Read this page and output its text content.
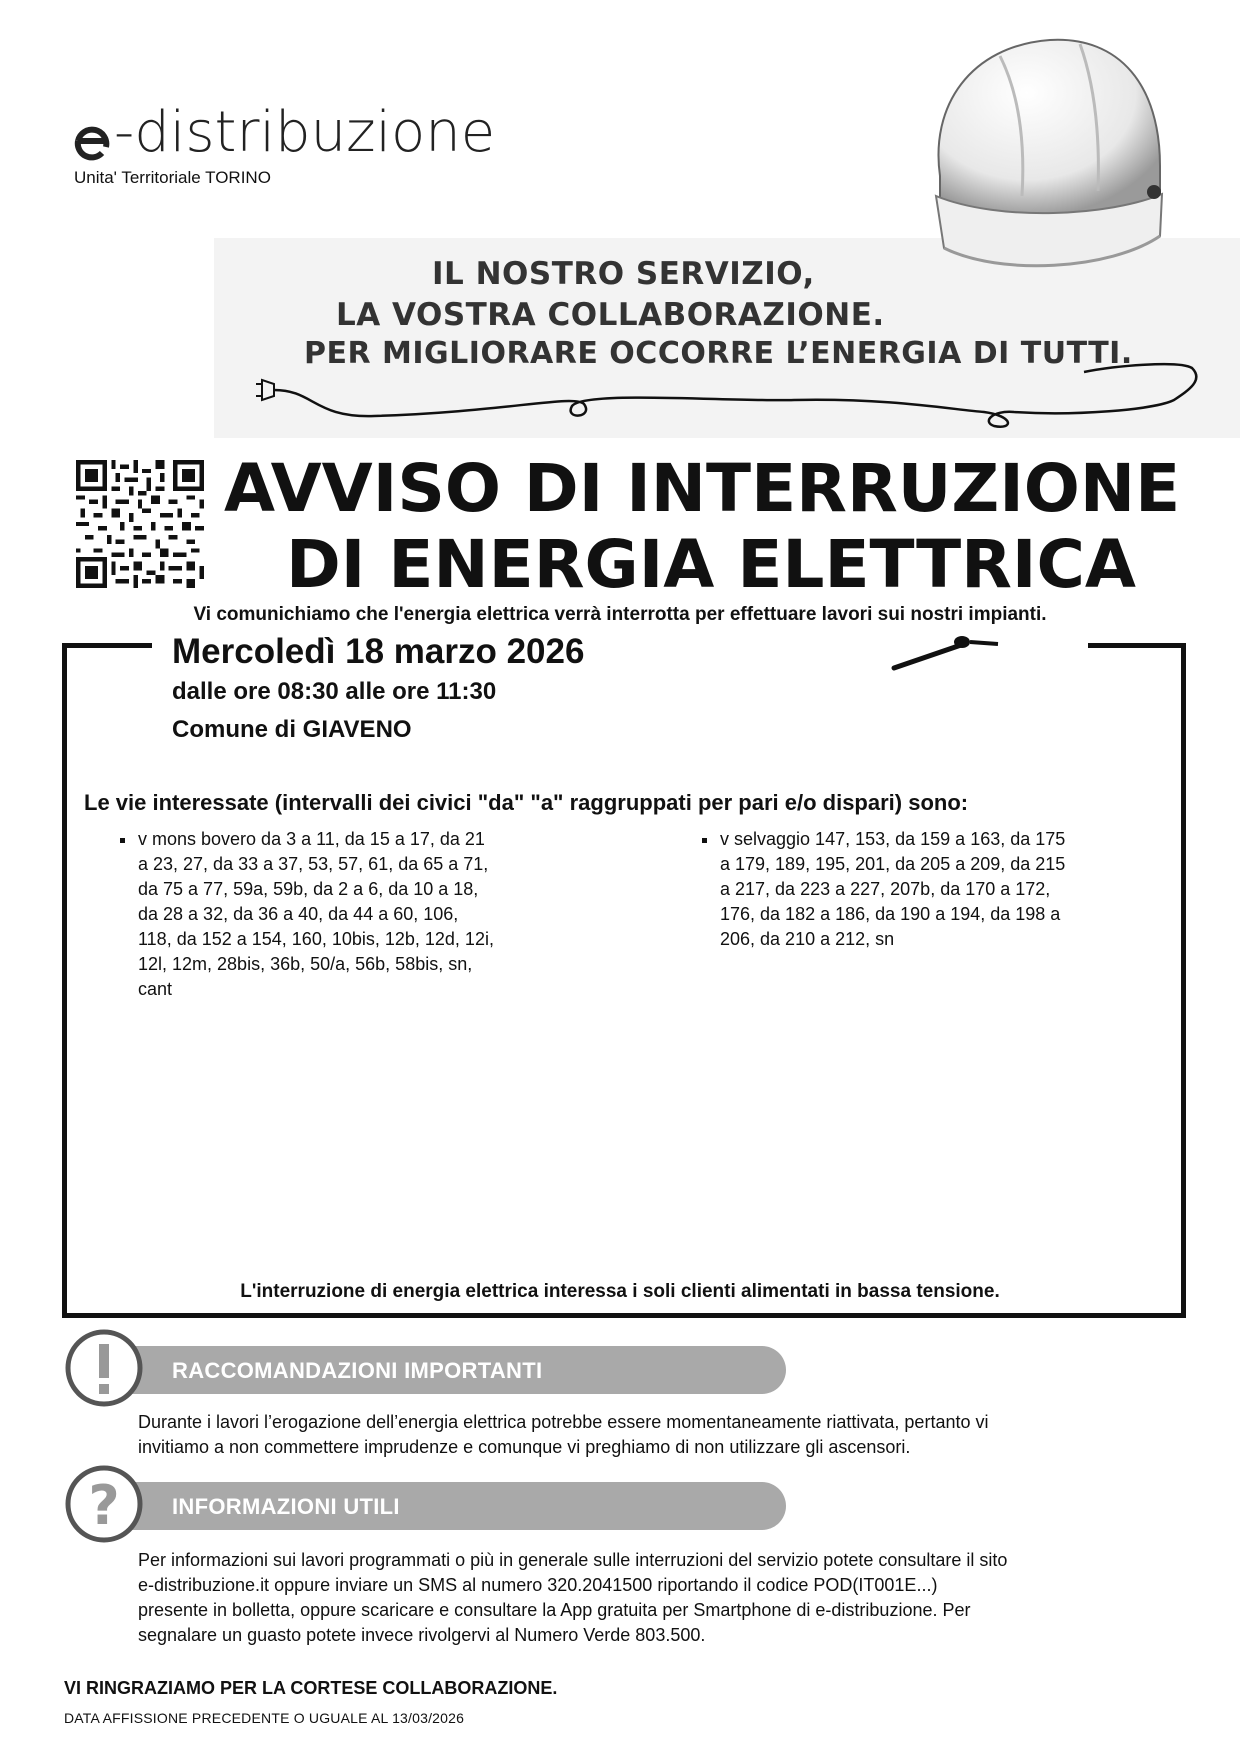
-distribuzione
Unita' Territoriale TORINO
IL NOSTRO SERVIZIO,
LA VOSTRA COLLABORAZIONE.
PER MIGLIORARE OCCORRE L’ENERGIA DI TUTTI.
AVVISO DI INTERRUZIONE
DI ENERGIA ELETTRICA
Vi comunichiamo che l'energia elettrica verrà interrotta per effettuare lavori sui nostri impianti.
Mercoledì 18 marzo 2026
dalle ore 08:30 alle ore 11:30
Comune di GIAVENO
Le vie interessate (intervalli dei civici "da" "a" raggruppati per pari e/o dispari) sono:
v mons bovero da 3 a 11, da 15 a 17, da 21
a 23, 27, da 33 a 37, 53, 57, 61, da 65 a 71,
da 75 a 77, 59a, 59b, da 2 a 6, da 10 a 18,
da 28 a 32, da 36 a 40, da 44 a 60, 106,
118, da 152 a 154, 160, 10bis, 12b, 12d, 12i,
12l, 12m, 28bis, 36b, 50/a, 56b, 58bis, sn,
cant
v selvaggio 147, 153, da 159 a 163, da 175
a 179, 189, 195, 201, da 205 a 209, da 215
a 217, da 223 a 227, 207b, da 170 a 172,
176, da 182 a 186, da 190 a 194, da 198 a
206, da 210 a 212, sn
L'interruzione di energia elettrica interessa i soli clienti alimentati in bassa tensione.
RACCOMANDAZIONI IMPORTANTI
Durante i lavori l’erogazione dell’energia elettrica potrebbe essere momentaneamente riattivata, pertanto vi
invitiamo a non commettere imprudenze e comunque vi preghiamo di non utilizzare gli ascensori.
INFORMAZIONI UTILI
?
Per informazioni sui lavori programmati o più in generale sulle interruzioni del servizio potete consultare il sito
e-distribuzione.it oppure inviare un SMS al numero 320.2041500 riportando il codice POD(IT001E...)
presente in bolletta, oppure scaricare e consultare la App gratuita per Smartphone di e-distribuzione. Per
segnalare un guasto potete invece rivolgervi al Numero Verde 803.500.
VI RINGRAZIAMO PER LA CORTESE COLLABORAZIONE.
DATA AFFISSIONE PRECEDENTE O UGUALE AL 13/03/2026
